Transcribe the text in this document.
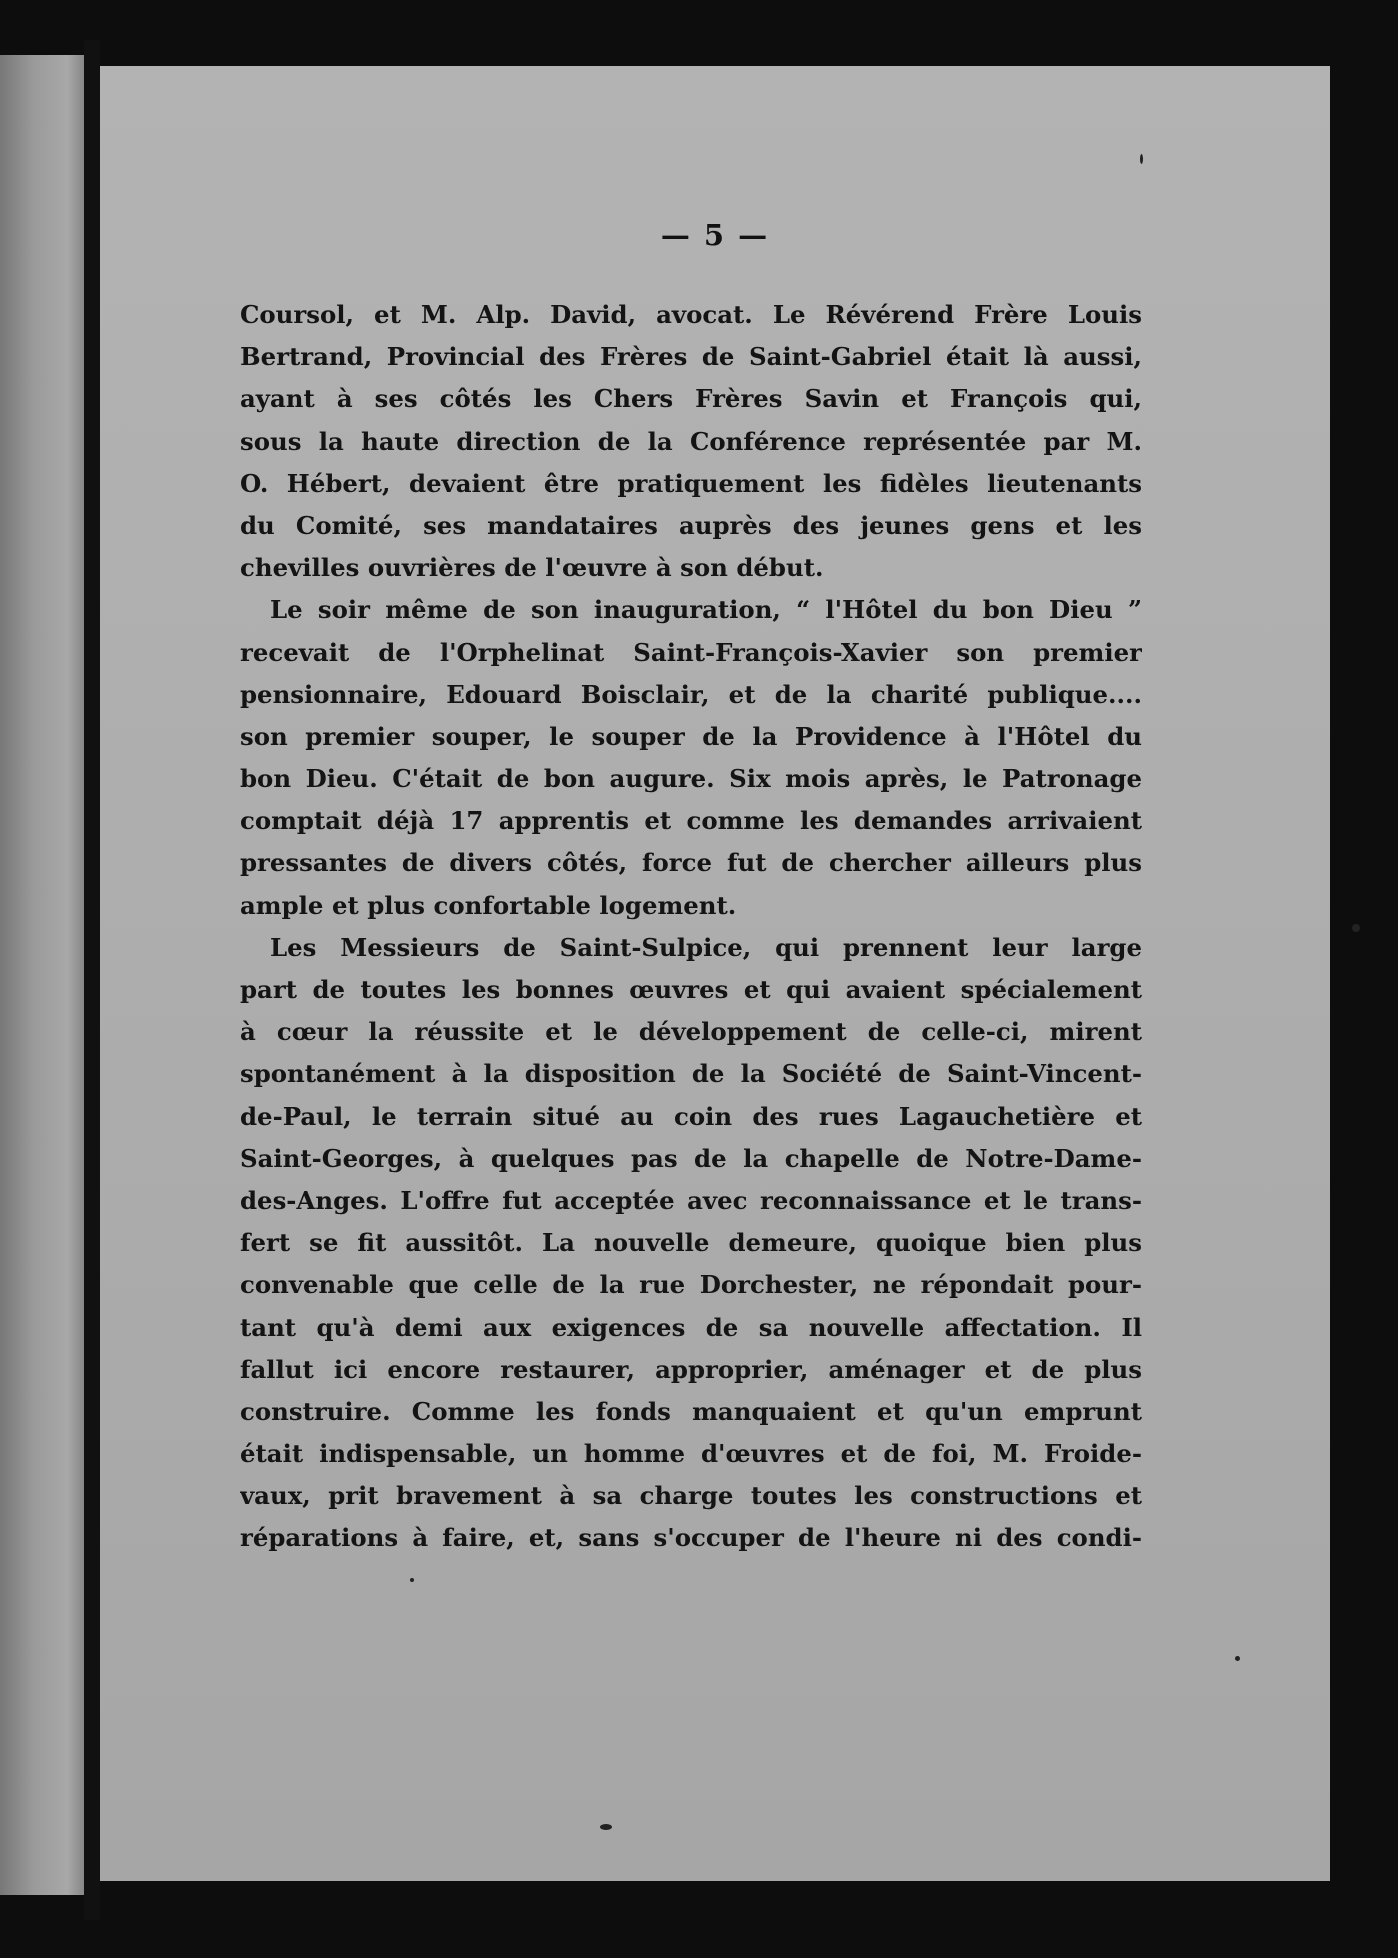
— 5 —
Coursol, et M. Alp. David, avocat. Le Révérend Frère Louis
Bertrand, Provincial des Frères de Saint-Gabriel était là aussi,
ayant à ses côtés les Chers Frères Savin et François qui,
sous la haute direction de la Conférence représentée par M.
O. Hébert, devaient être pratiquement les fidèles lieutenants
du Comité, ses mandataires auprès des jeunes gens et les
chevilles ouvrières de l'œuvre à son début.
Le soir même de son inauguration, “ l'Hôtel du bon Dieu ”
recevait de l'Orphelinat Saint-François-Xavier son premier
pensionnaire, Edouard Boisclair, et de la charité publique....
son premier souper, le souper de la Providence à l'Hôtel du
bon Dieu. C'était de bon augure. Six mois après, le Patronage
comptait déjà 17 apprentis et comme les demandes arrivaient
pressantes de divers côtés, force fut de chercher ailleurs plus
ample et plus confortable logement.
Les Messieurs de Saint-Sulpice, qui prennent leur large
part de toutes les bonnes œuvres et qui avaient spécialement
à cœur la réussite et le développement de celle-ci, mirent
spontanément à la disposition de la Société de Saint-Vincent-
de-Paul, le terrain situé au coin des rues Lagauchetière et
Saint-Georges, à quelques pas de la chapelle de Notre-Dame-
des-Anges. L'offre fut acceptée avec reconnaissance et le trans-
fert se fit aussitôt. La nouvelle demeure, quoique bien plus
convenable que celle de la rue Dorchester, ne répondait pour-
tant qu'à demi aux exigences de sa nouvelle affectation. Il
fallut ici encore restaurer, approprier, aménager et de plus
construire. Comme les fonds manquaient et qu'un emprunt
était indispensable, un homme d'œuvres et de foi, M. Froide-
vaux, prit bravement à sa charge toutes les constructions et
réparations à faire, et, sans s'occuper de l'heure ni des condi-
